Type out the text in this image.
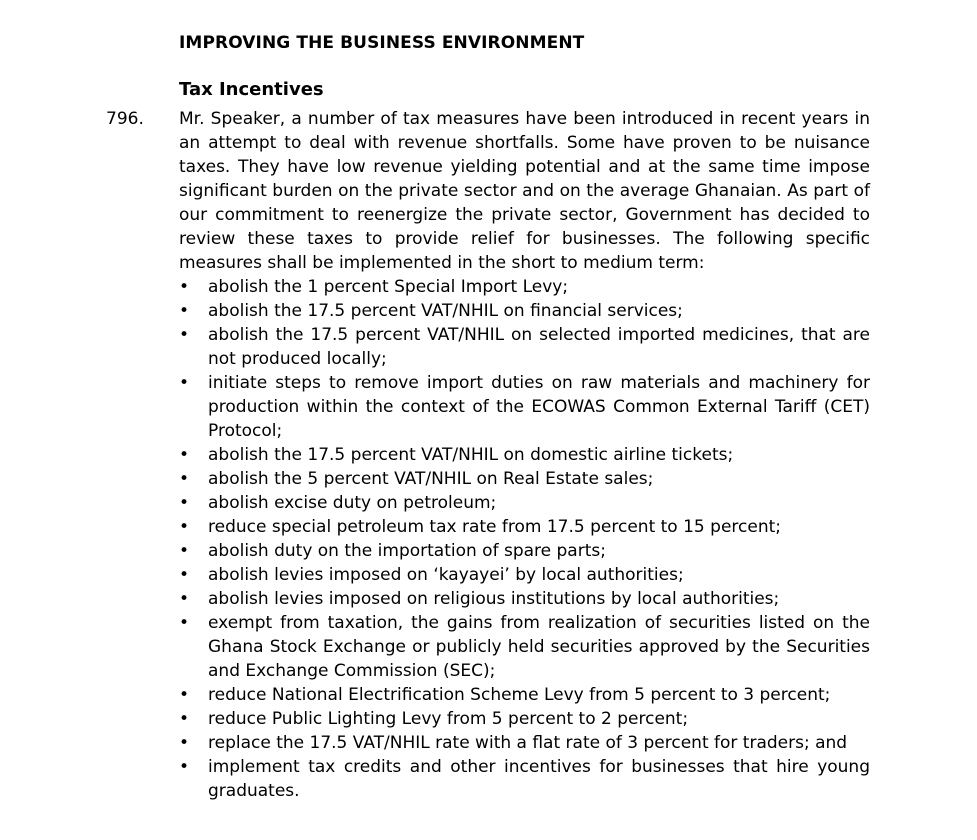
IMPROVING THE BUSINESS ENVIRONMENT
Tax Incentives
796. Mr. Speaker, a number of tax measures have been introduced in recent years in an attempt to deal with revenue shortfalls. Some have proven to be nuisance taxes. They have low revenue yielding potential and at the same time impose significant burden on the private sector and on the average Ghanaian. As part of our commitment to reenergize the private sector, Government has decided to review these taxes to provide relief for businesses. The following specific measures shall be implemented in the short to medium term:

• abolish the 1 percent Special Import Levy;
• abolish the 17.5 percent VAT/NHIL on financial services;
• abolish the 17.5 percent VAT/NHIL on selected imported medicines, that are not produced locally;
• initiate steps to remove import duties on raw materials and machinery for production within the context of the ECOWAS Common External Tariff (CET) Protocol;
• abolish the 17.5 percent VAT/NHIL on domestic airline tickets;
• abolish the 5 percent VAT/NHIL on Real Estate sales;
• abolish excise duty on petroleum;
• reduce special petroleum tax rate from 17.5 percent to 15 percent;
• abolish duty on the importation of spare parts;
• abolish levies imposed on ‘kayayei’ by local authorities;
• abolish levies imposed on religious institutions by local authorities;
• exempt from taxation, the gains from realization of securities listed on the Ghana Stock Exchange or publicly held securities approved by the Securities and Exchange Commission (SEC);
• reduce National Electrification Scheme Levy from 5 percent to 3 percent;
• reduce Public Lighting Levy from 5 percent to 2 percent;
• replace the 17.5 VAT/NHIL rate with a flat rate of 3 percent for traders; and
• implement tax credits and other incentives for businesses that hire young graduates.
